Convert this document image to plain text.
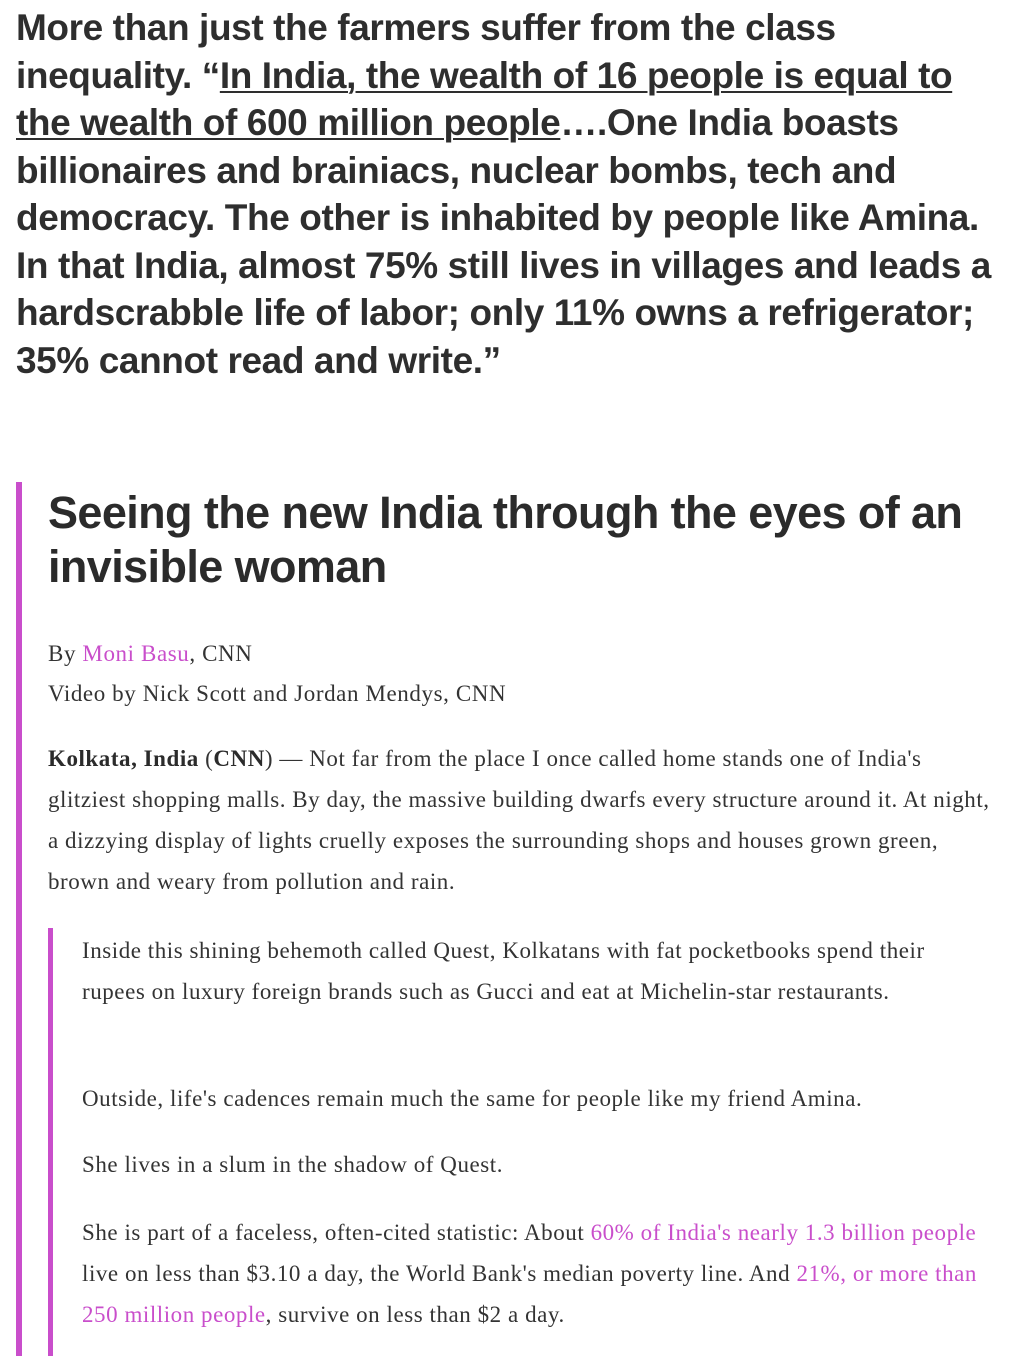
More than just the farmers suffer from the class inequality. “In India, the wealth of 16 people is equal to the wealth of 600 million people….One India boasts billionaires and brainiacs, nuclear bombs, tech and democracy. The other is inhabited by people like Amina. In that India, almost 75% still lives in villages and leads a hardscrabble life of labor; only 11% owns a refrigerator; 35% cannot read and write.”

Seeing the new India through the eyes of an invisible woman
By Moni Basu, CNN
Video by Nick Scott and Jordan Mendys, CNN

Kolkata, India (CNN) — Not far from the place I once called home stands one of India's glitziest shopping malls. By day, the massive building dwarfs every structure around it. At night, a dizzying display of lights cruelly exposes the surrounding shops and houses grown green, brown and weary from pollution and rain.

Inside this shining behemoth called Quest, Kolkatans with fat pocketbooks spend their rupees on luxury foreign brands such as Gucci and eat at Michelin-star restaurants.

Outside, life's cadences remain much the same for people like my friend Amina.

She lives in a slum in the shadow of Quest.

She is part of a faceless, often-cited statistic: About 60% of India's nearly 1.3 billion people live on less than $3.10 a day, the World Bank's median poverty line. And 21%, or more than 250 million people, survive on less than $2 a day.
